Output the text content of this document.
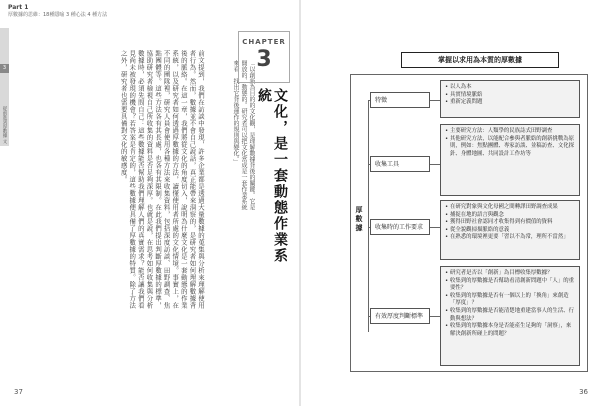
Part 1
厚數據的思維：18種隱喻 3 種心法 4 種方法
3
從前進到厚數據 文	前文提到，我們在訪談中發現，許多企業都是透過大量數據的蒐集與分析來理解使用者行為。然而，數據並不會自己說話，真正能帶來洞察的，是研究者如何理解數據背後的脈絡。在這一章，我們將從文化的角度切入，說明為什麼文化是一套動態的作業系統，以及研究者如何透過厚數據的方法，讀懂使用者所處的文化情境。事實上，在不同的團隊裡，研究人員會使用各種方法來收集資料，包括深度訪談、田野調查、焦點團體等。這些方法各有其長處，也各有其限制。在此我們提出判斷厚數據的標準，協助研究者檢視自己所收集的資料是否足夠深厚。也就是說，在思考如何收集與分析數據時，必須先問自己：這些數據能否幫助我們理解人們的真實需求？能否讓我們看見尚未被發現的機會？若答案是肯定的，這些數據便具備了厚數據的特質。除了方法之外，研究者也需要具備對文化的敏感度。	「以創新為目的的文化觀，是理解數據背後的關鍵。它是開放的、動態的。研究者可以把文化當成是一套作業系統來看，找出它背後運作的規則與變化。」
CHAPTER
3
文化，是一套動態作業系統
掌握以求用為本質的厚數據
厚數據
特徵
• 以人為本
• 具實情境脈絡
• 重新定義問題
收集工具
• 主要研究方法：人類學的民族誌式田野調查
• 其他研究方法，以能配合參與者脈絡的創新挑戰為原則，例如：焦點團體、專家訪談、並稿訪查、文化探針、身體地圖、共同設計工作坊等
收集時的工作要求
• 在研究對象與文化母國之間轉譯田野調查成果
• 捕捉在地的語言與觀念
• 獲得田野社會認同才收集得到有價值的資料
• 從全貌觀掃描脈絡的意義
• 在熟悉的環境裡更要「習以不為常，理所不當然」
有效厚度判斷標準
• 研究者是否以「創新」為目標收集厚數據？
• 收集到的厚數據是否幫助看清創新問題中「人」的重要性？
• 收集到的厚數據是否有一個以上的「換角」來創造「厚度」？
• 收集到的厚數據是否能清楚地重建當事人的生活、行動與想法？
• 收集到的厚數據本身是否能產生足夠的「洞察」，來解決創新所碰上的問題？
37	36
